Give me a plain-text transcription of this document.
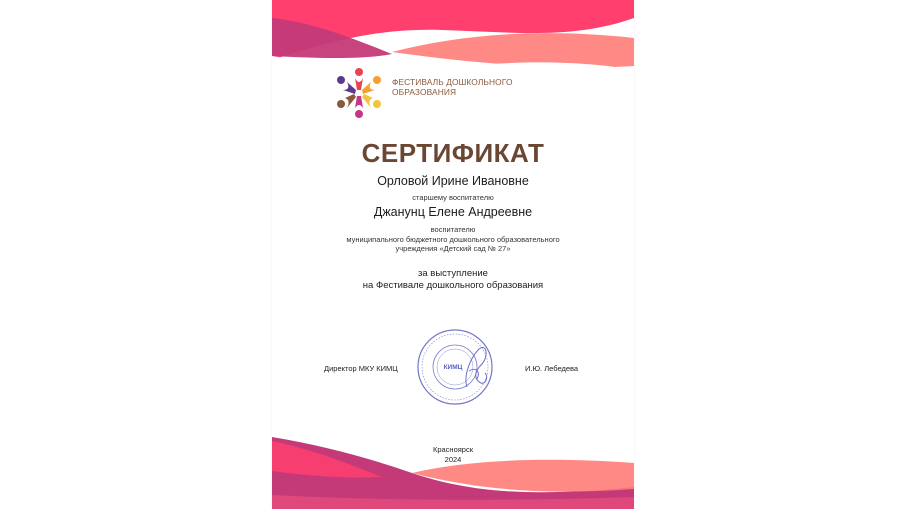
ФЕСТИВАЛЬ ДОШКОЛЬНОГО
ОБРАЗОВАНИЯ
СЕРТИФИКАТ
Орловой Ирине Ивановне
старшему воспитателю
Джанунц Елене Андреевне
воспитателю
муниципального бюджетного дошкольного образовательного
учреждения «Детский сад № 27»
за выступление
на Фестивале дошкольного образования
Директор МКУ КИМЦ	КИМЦ	И.Ю. Лебедева
Красноярск
2024
